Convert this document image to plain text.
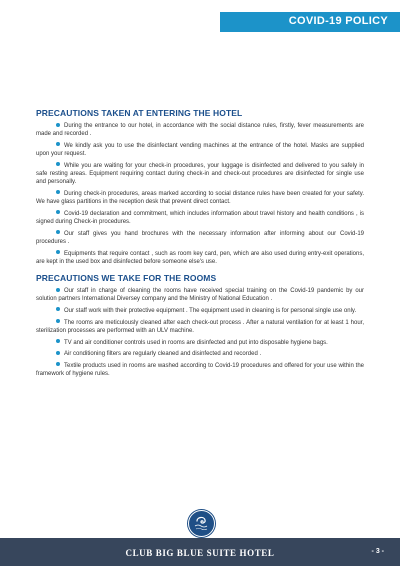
COVID-19 POLICY
PRECAUTIONS TAKEN AT ENTERING THE HOTEL

During the entrance to our hotel, in accordance with the social distance rules, firstly, fever measurements are made and recorded .

We kindly ask you to use the disinfectant vending machines at the entrance of the hotel. Masks are supplied upon your request.

While you are waiting for your check-in procedures, your luggage is disinfected and delivered to you safely in safe resting areas. Equipment requiring contact during check-in and check-out procedures are disinfected for single use and personally.

During check-in procedures, areas marked according to social distance rules have been created for your safety. We have glass partitions in the reception desk that prevent direct contact.

Covid-19 declaration and commitment, which includes information about travel history and health conditions , is signed during Check-in procedures.

Our staff gives you hand brochures with the necessary information after informing about our Covid-19 procedures .

Equipments that require contact , such as room key card, pen, which are also used during entry-exit operations, are kept in the used box and disinfected before someone else's use.

PRECAUTIONS WE TAKE FOR THE ROOMS

Our staff in charge of cleaning the rooms have received special training on the Covid-19 pandemic by our solution partners International Diversey company and the Ministry of National Education .

Our staff work with their protective equipment . The equipment used in cleaning is for personal single use only.

The rooms are meticulously cleaned after each check-out process . After a natural ventilation for at least 1 hour, sterilization processes are performed with an ULV machine.

TV and air conditioner controls used in rooms are disinfected and put into disposable hygiene bags.

Air conditioning filters are regularly cleaned and disinfected and recorded .

Textile products used in rooms are washed according to Covid-19 procedures and offered for your use within the framework of hygiene rules.

CLUB BIG BLUE SUITE HOTEL	- 3 -
